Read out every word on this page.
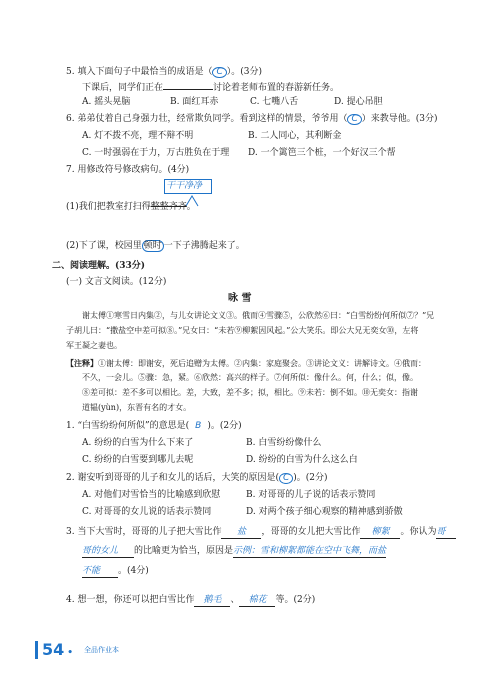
5. 填入下面句子中最恰当的成语是（ C ）。(3分)
下课后，同学们正在	讨论着老师布置的春游新任务。
A. 摇头晃脑	B. 面红耳赤	C. 七嘴八舌	D. 提心吊胆
6. 弟弟仗着自己身强力壮，经常欺负同学。看到这样的情景，爷爷用（ C ）来教导他。(3分)
A. 灯不拨不亮，理不辩不明	B. 二人同心，其利断金
C. 一时强弱在于力，万古胜负在于理 D. 一个篱笆三个桩，一个好汉三个帮
7. 用修改符号修改病句。(4分)
干干净净
(1)我们把教室打扫得整整齐齐。
(2)下了课，校园里 顿时 一下子沸腾起来了。
二、阅读理解。(33分)
(一) 文言文阅读。(12分)
咏 雪
谢太傅①寒雪日内集②，与儿女讲论文义③。俄而④雪骤⑤，公欣然⑥曰：“白雪纷纷何所似⑦？”兄
子胡儿曰：“撒盐空中差可拟⑧。”兄女曰：“未若⑨柳絮因风起。”公大笑乐。即公大兄无奕女⑩，左将
军王凝之妻也。
【注释】①谢太傅：即谢安，死后追赠为太傅。②内集：家庭聚会。③讲论文义：讲解诗文。④俄而：
不久，一会儿。⑤骤：急，紧。⑥欣然：高兴的样子。⑦何所似：像什么。何，什么；似，像。
⑧差可拟：差不多可以相比。差，大致，差不多；拟，相比。⑨未若：倒不如。⑩无奕女：指谢
道韫(yùn)，东晋有名的才女。
1. “白雪纷纷何所似”的意思是( B )。(2分)
A. 纷纷的白雪为什么下来了	B. 白雪纷纷像什么
C. 纷纷的白雪要到哪儿去呢	D. 纷纷的白雪为什么这么白
2. 谢安听到哥哥的儿子和女儿的话后，大笑的原因是( C )。(2分)
A. 对他们对雪恰当的比喻感到欣慰	B. 对哥哥的儿子说的话表示赞同
C. 对哥哥的女儿说的话表示赞同	D. 对两个孩子细心观察的精神感到骄傲
3. 当下大雪时，哥哥的儿子把大雪比作 盐 ，哥哥的女儿把大雪比作 柳絮 。你认为哥
哥的女儿 的比喻更为恰当，原因是示例：雪和柳絮都能在空中飞舞，而盐
不能 。(4分)
4. 想一想，你还可以把白雪比作 鹅毛 、 棉花 等。(2分)
54 • 全品作业本
